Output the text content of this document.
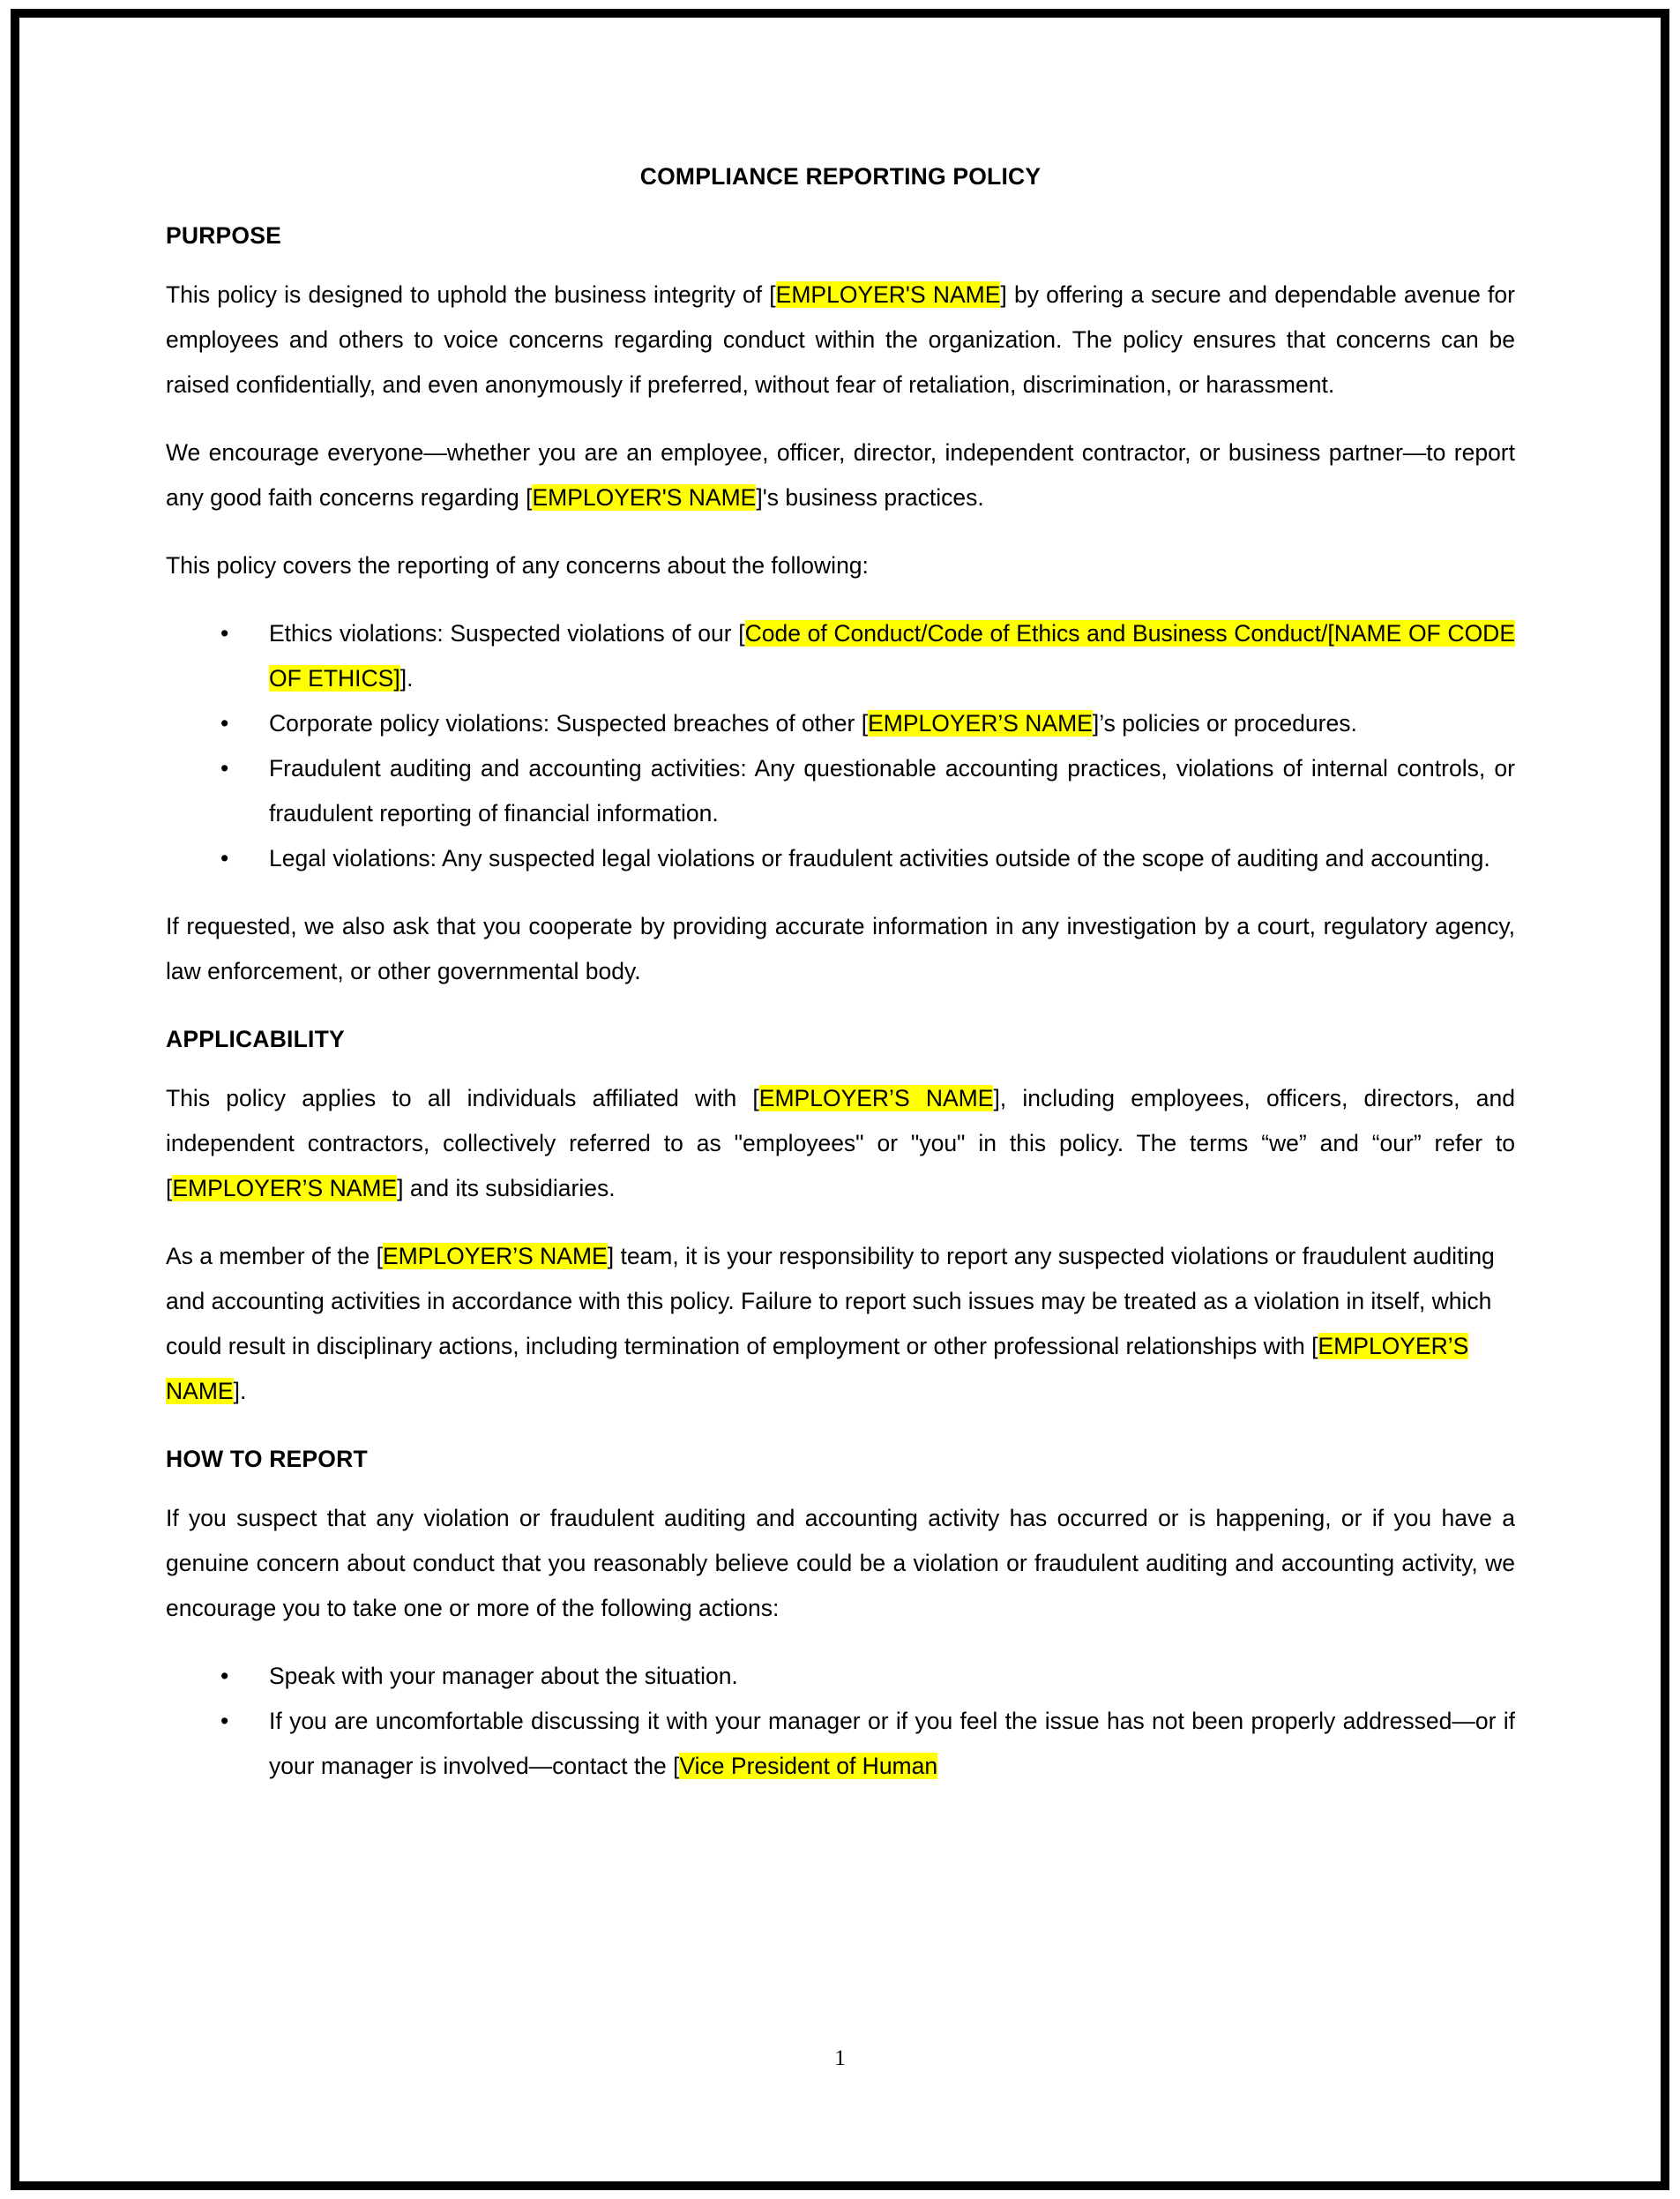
COMPLIANCE REPORTING POLICY
PURPOSE

This policy is designed to uphold the business integrity of [EMPLOYER'S NAME] by offering a secure and dependable avenue for employees and others to voice concerns regarding conduct within the organization. The policy ensures that concerns can be raised confidentially, and even anonymously if preferred, without fear of retaliation, discrimination, or harassment.

We encourage everyone—whether you are an employee, officer, director, independent contractor, or business partner—to report any good faith concerns regarding [EMPLOYER'S NAME]'s business practices.

This policy covers the reporting of any concerns about the following:

• Ethics violations: Suspected violations of our [Code of Conduct/Code of Ethics and Business Conduct/[NAME OF CODE OF ETHICS]].
• Corporate policy violations: Suspected breaches of other [EMPLOYER’S NAME]’s policies or procedures.
• Fraudulent auditing and accounting activities: Any questionable accounting practices, violations of internal controls, or fraudulent reporting of financial information.
• Legal violations: Any suspected legal violations or fraudulent activities outside of the scope of auditing and accounting.

If requested, we also ask that you cooperate by providing accurate information in any investigation by a court, regulatory agency, law enforcement, or other governmental body.

APPLICABILITY

This policy applies to all individuals affiliated with [EMPLOYER’S NAME], including employees, officers, directors, and independent contractors, collectively referred to as "employees" or "you" in this policy. The terms “we” and “our” refer to [EMPLOYER’S NAME] and its subsidiaries.

As a member of the [EMPLOYER’S NAME] team, it is your responsibility to report any suspected violations or fraudulent auditing and accounting activities in accordance with this policy. Failure to report such issues may be treated as a violation in itself, which could result in disciplinary actions, including termination of employment or other professional relationships with [EMPLOYER’S NAME].

HOW TO REPORT

If you suspect that any violation or fraudulent auditing and accounting activity has occurred or is happening, or if you have a genuine concern about conduct that you reasonably believe could be a violation or fraudulent auditing and accounting activity, we encourage you to take one or more of the following actions:

• Speak with your manager about the situation.
• If you are uncomfortable discussing it with your manager or if you feel the issue has not been properly addressed—or if your manager is involved—contact the [Vice President of Human
1
